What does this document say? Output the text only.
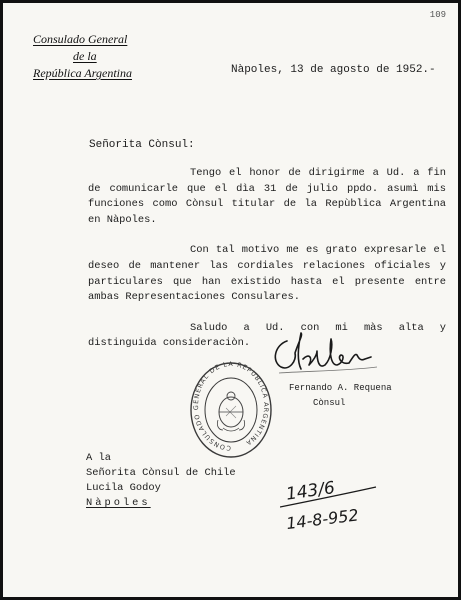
109
Consulado General
de la
República Argentina	Nàpoles, 13 de agosto de 1952.-
Señorita Cònsul:

Tengo el honor de dirigirme a Ud. a fin de comunicarle que el dìa 31 de julio ppdo. asumì mis funciones como Cònsul titular de la Repùblica Argentina en Nàpoles.

Con tal motivo me es grato expresarle el deseo de mantener las cordiales relaciones oficiales y particulares que han existido hasta el presente entre ambas Representaciones Consulares.

Saludo a Ud. con mi màs alta y distinguida consideraciòn.

Fernando A. Requena
Cònsul
CONSULADO GENERAL DE LA REPUBLICA ARGENTINA
A la
Señorita Cònsul de Chile
Lucila Godoy
Nàpoles	143/6
14-8-952
